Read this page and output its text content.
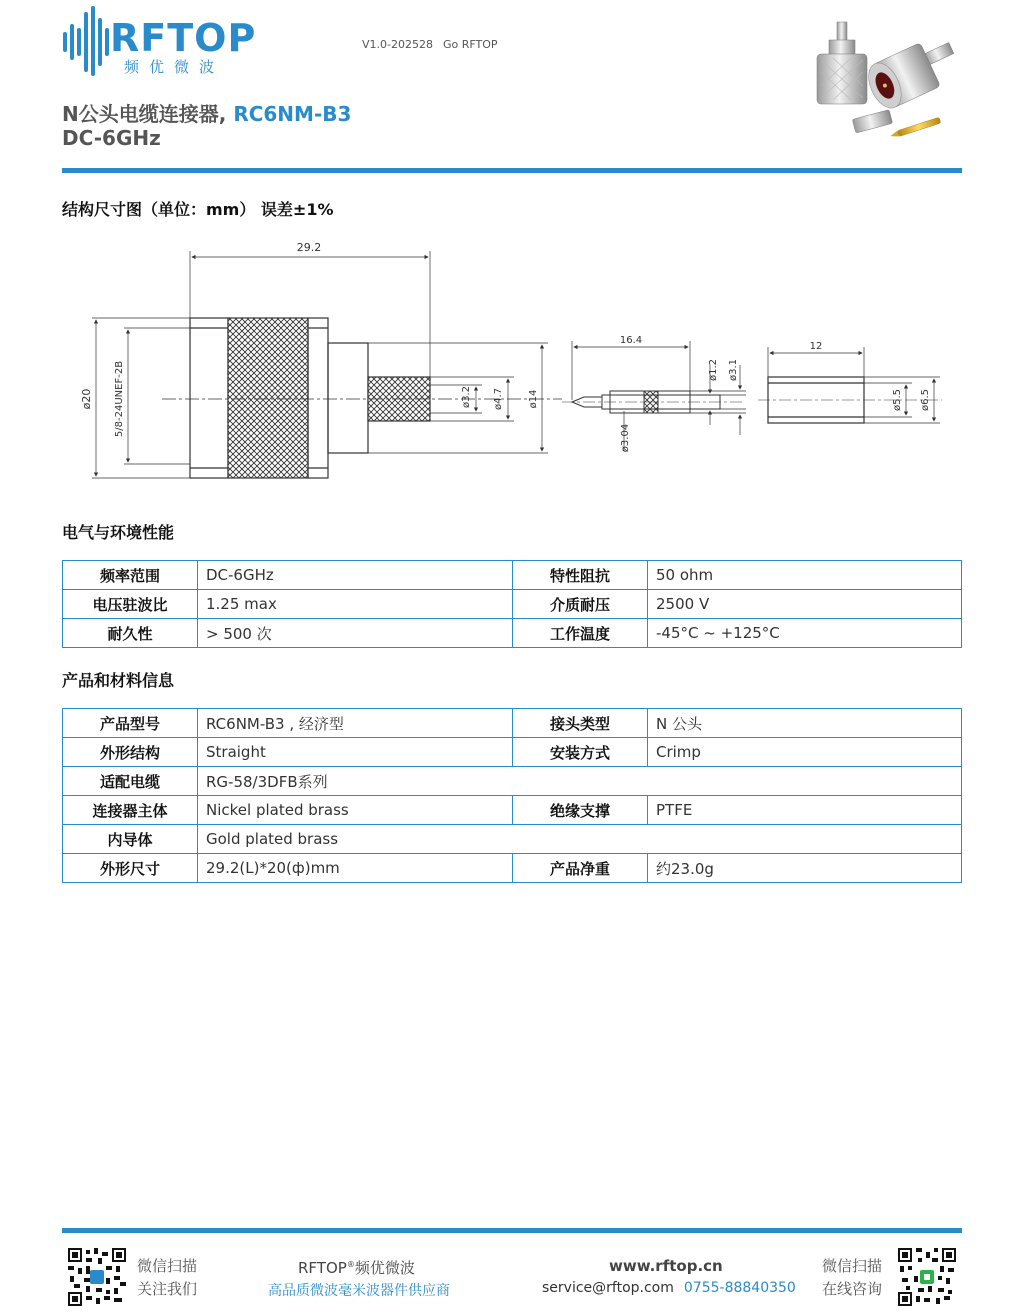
RFTOP
频优微波
V1.0-202528 Go RFTOP
N公头电缆连接器, RC6NM-B3
DC-6GHz
结构尺寸图（单位：mm） 误差±1%
29.2
ø20 5/8-24UNEF-2B	ø3.2 ø4.7 ø14
16.4
ø1.2 ø3.1
ø3.04
12
ø5.5 ø6.5
电气与环境性能
频率范围	DC-6GHz	特性阻抗	50 ohm
电压驻波比	1.25 max	介质耐压	2500 V
耐久性	> 500 次	工作温度	-45°C ~ +125°C
产品和材料信息
产品型号	RC6NM-B3 , 经济型	接头类型	N 公头
外形结构	Straight	安装方式	Crimp
适配电缆	RG-58/3DFB系列		
连接器主体	Nickel plated brass	绝缘支撑	PTFE
内导体	Gold plated brass		
外形尺寸	29.2(L)*20(ф)mm	产品净重	约23.0g
微信扫描
关注我们
RFTOP®频优微波
高品质微波毫米波器件供应商
www.rftop.cn
service@rftop.com 0755-88840350
微信扫描
在线咨询
